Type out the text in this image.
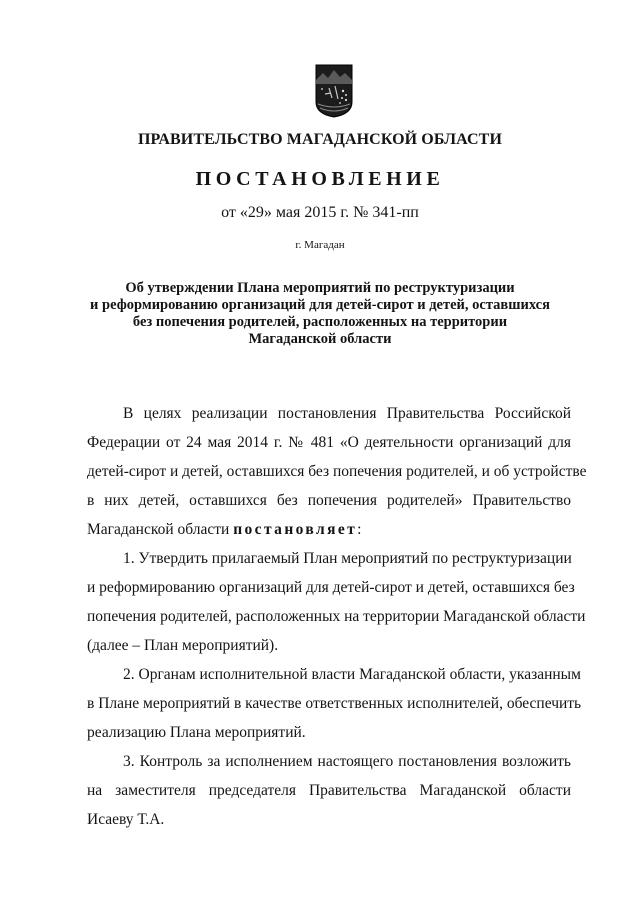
ПРАВИТЕЛЬСТВО МАГАДАНСКОЙ ОБЛАСТИ
ПОСТАНОВЛЕНИЕ
от «29» мая 2015 г. № 341-пп
г. Магадан
Об утверждении Плана мероприятий по реструктуризации
и реформированию организаций для детей-сирот и детей, оставшихся
без попечения родителей, расположенных на территории
Магаданской области
В целях реализации постановления Правительства Российской
Федерации от 24 мая 2014 г. № 481 «О деятельности организаций для
детей-сирот и детей, оставшихся без попечения родителей, и об устройстве
в них детей, оставшихся без попечения родителей» Правительство
Магаданской области постановляет:
1. Утвердить прилагаемый План мероприятий по реструктуризации
и реформированию организаций для детей-сирот и детей, оставшихся без
попечения родителей, расположенных на территории Магаданской области
(далее – План мероприятий).
2. Органам исполнительной власти Магаданской области, указанным
в Плане мероприятий в качестве ответственных исполнителей, обеспечить
реализацию Плана мероприятий.
3. Контроль за исполнением настоящего постановления возложить
на заместителя председателя Правительства Магаданской области
Исаеву Т.А.
